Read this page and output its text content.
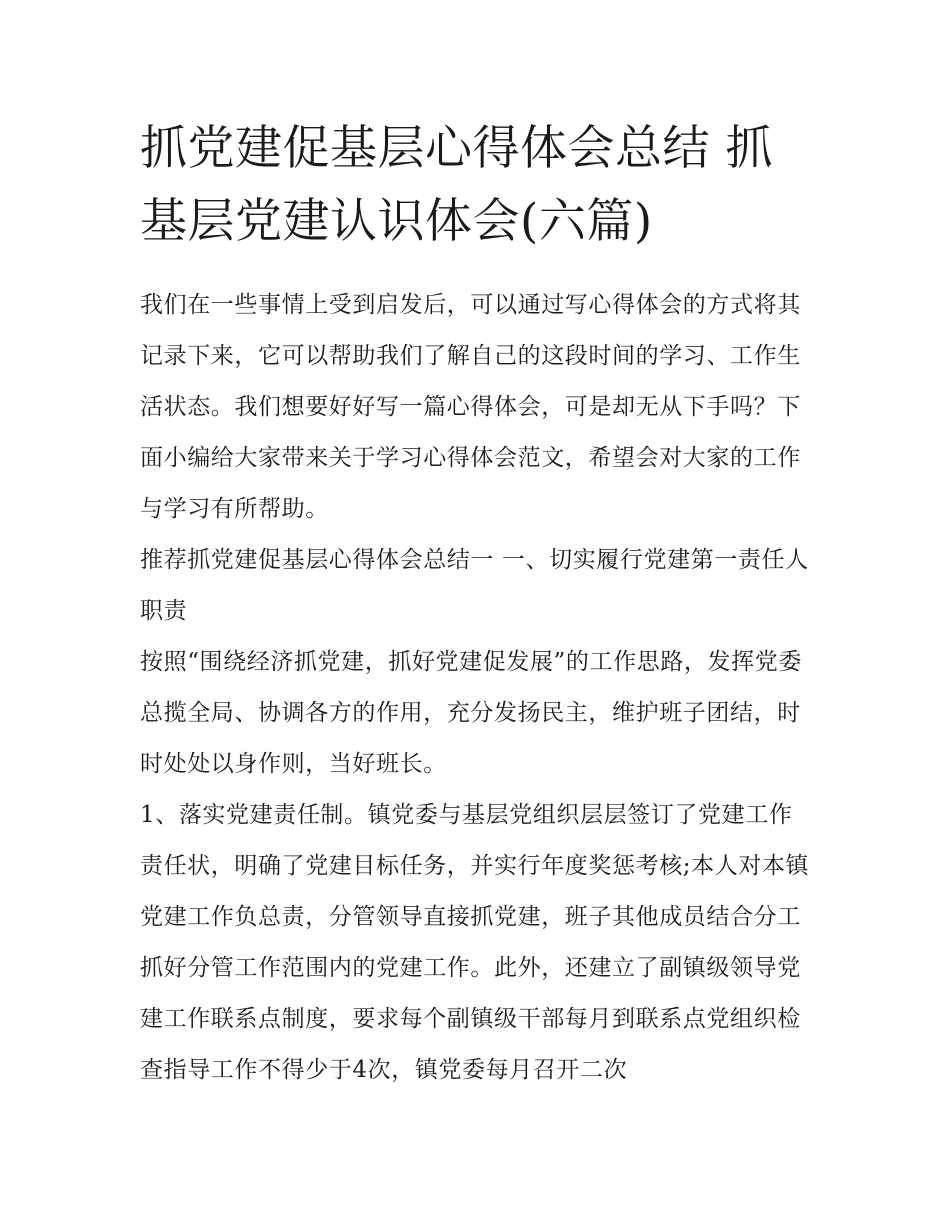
抓党建促基层心得体会总结 抓基层党建认识体会(六篇)

我们在一些事情上受到启发后，可以通过写心得体会的方式将其记录下来，它可以帮助我们了解自己的这段时间的学习、工作生活状态。我们想要好好写一篇心得体会，可是却无从下手吗？下面小编给大家带来关于学习心得体会范文，希望会对大家的工作与学习有所帮助。

推荐抓党建促基层心得体会总结一 一、切实履行党建第一责任人职责

按照“围绕经济抓党建，抓好党建促发展”的工作思路，发挥党委总揽全局、协调各方的作用，充分发扬民主，维护班子团结，时时处处以身作则，当好班长。

1、落实党建责任制。镇党委与基层党组织层层签订了党建工作责任状，明确了党建目标任务，并实行年度奖惩考核;本人对本镇党建工作负总责，分管领导直接抓党建，班子其他成员结合分工抓好分管工作范围内的党建工作。此外，还建立了副镇级领导党建工作联系点制度，要求每个副镇级干部每月到联系点党组织检查指导工作不得少于4次，镇党委每月召开二次
